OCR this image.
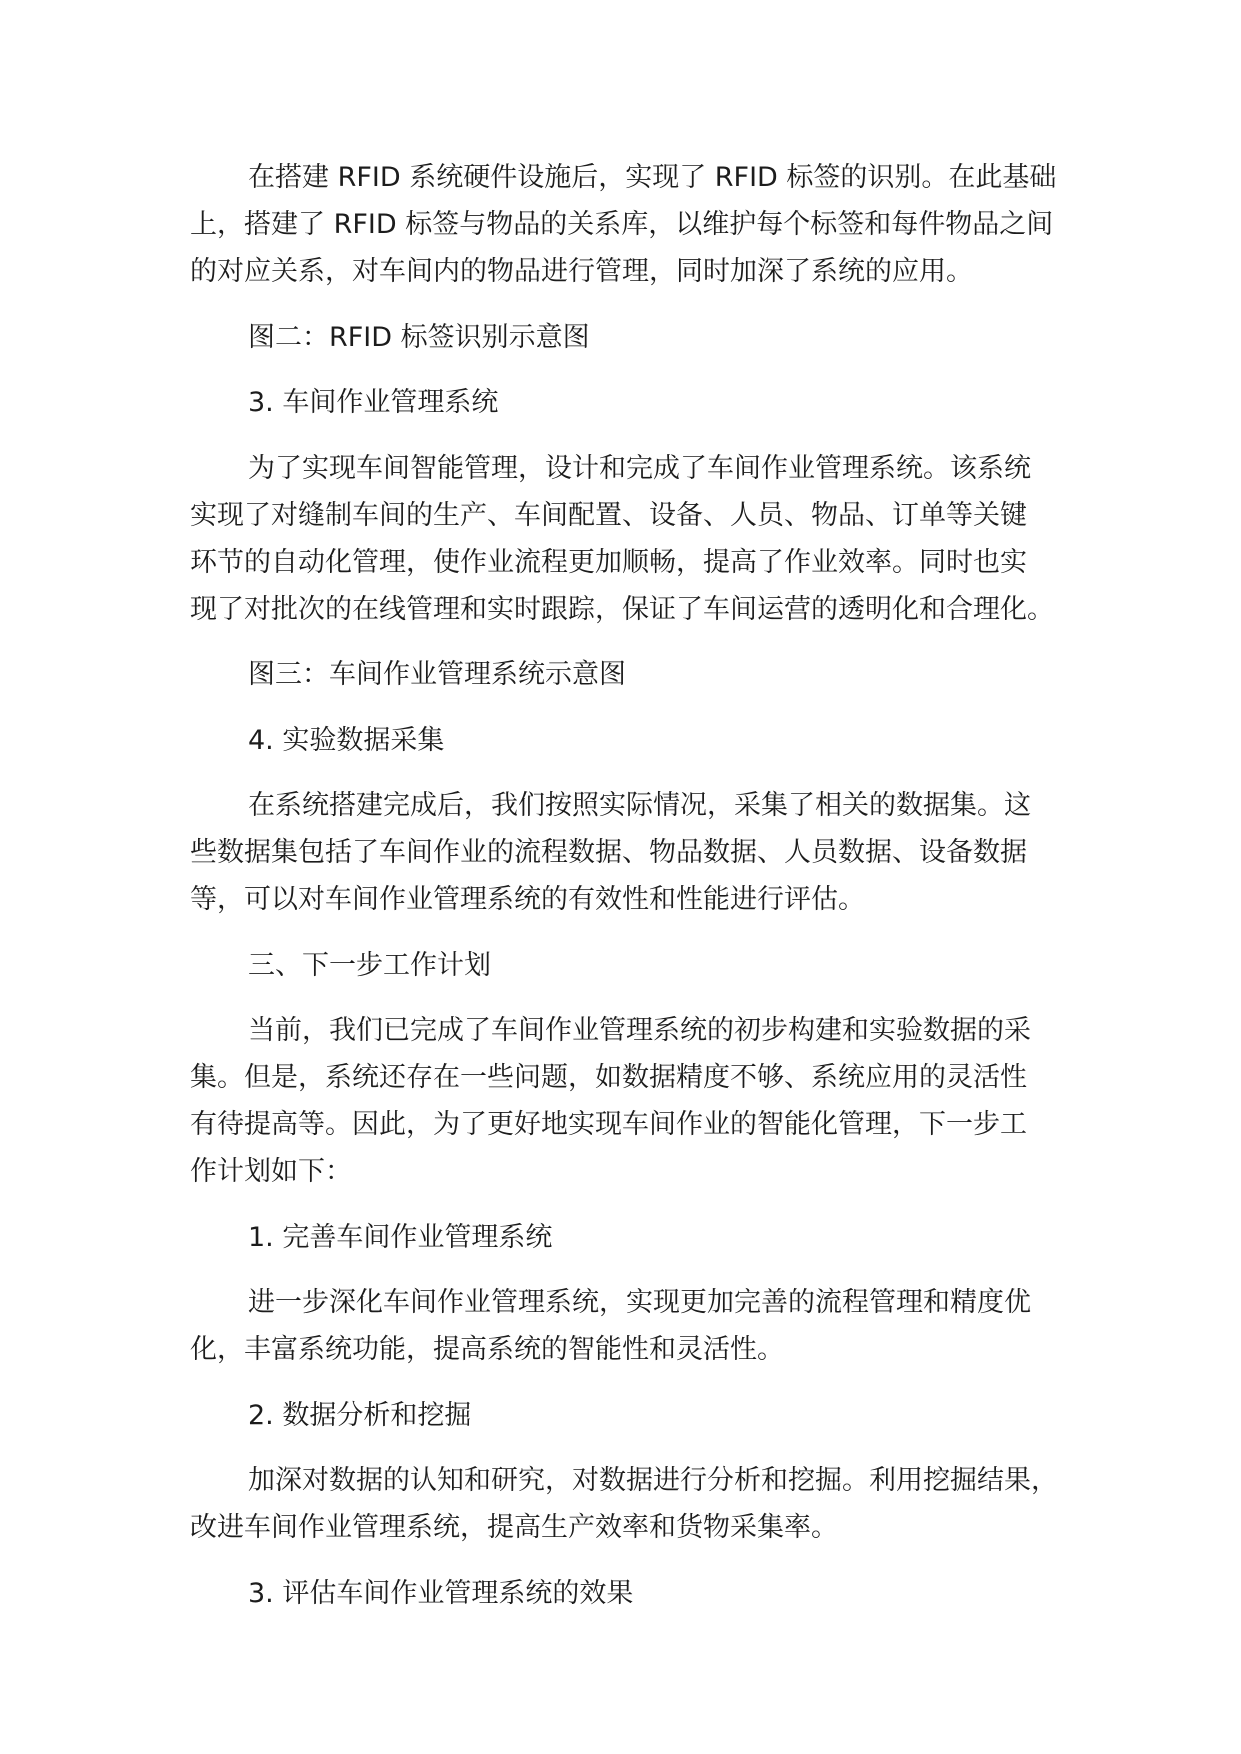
在搭建 RFID 系统硬件设施后，实现了 RFID 标签的识别。在此基础
上，搭建了 RFID 标签与物品的关系库，以维护每个标签和每件物品之间
的对应关系，对车间内的物品进行管理，同时加深了系统的应用。
图二：RFID 标签识别示意图
3. 车间作业管理系统
为了实现车间智能管理，设计和完成了车间作业管理系统。该系统
实现了对缝制车间的生产、车间配置、设备、人员、物品、订单等关键
环节的自动化管理，使作业流程更加顺畅，提高了作业效率。同时也实
现了对批次的在线管理和实时跟踪，保证了车间运营的透明化和合理化。
图三：车间作业管理系统示意图
4. 实验数据采集
在系统搭建完成后，我们按照实际情况，采集了相关的数据集。这
些数据集包括了车间作业的流程数据、物品数据、人员数据、设备数据
等，可以对车间作业管理系统的有效性和性能进行评估。
三、下一步工作计划
当前，我们已完成了车间作业管理系统的初步构建和实验数据的采
集。但是，系统还存在一些问题，如数据精度不够、系统应用的灵活性
有待提高等。因此，为了更好地实现车间作业的智能化管理，下一步工
作计划如下：
1. 完善车间作业管理系统
进一步深化车间作业管理系统，实现更加完善的流程管理和精度优
化，丰富系统功能，提高系统的智能性和灵活性。
2. 数据分析和挖掘
加深对数据的认知和研究，对数据进行分析和挖掘。利用挖掘结果，
改进车间作业管理系统，提高生产效率和货物采集率。
3. 评估车间作业管理系统的效果
